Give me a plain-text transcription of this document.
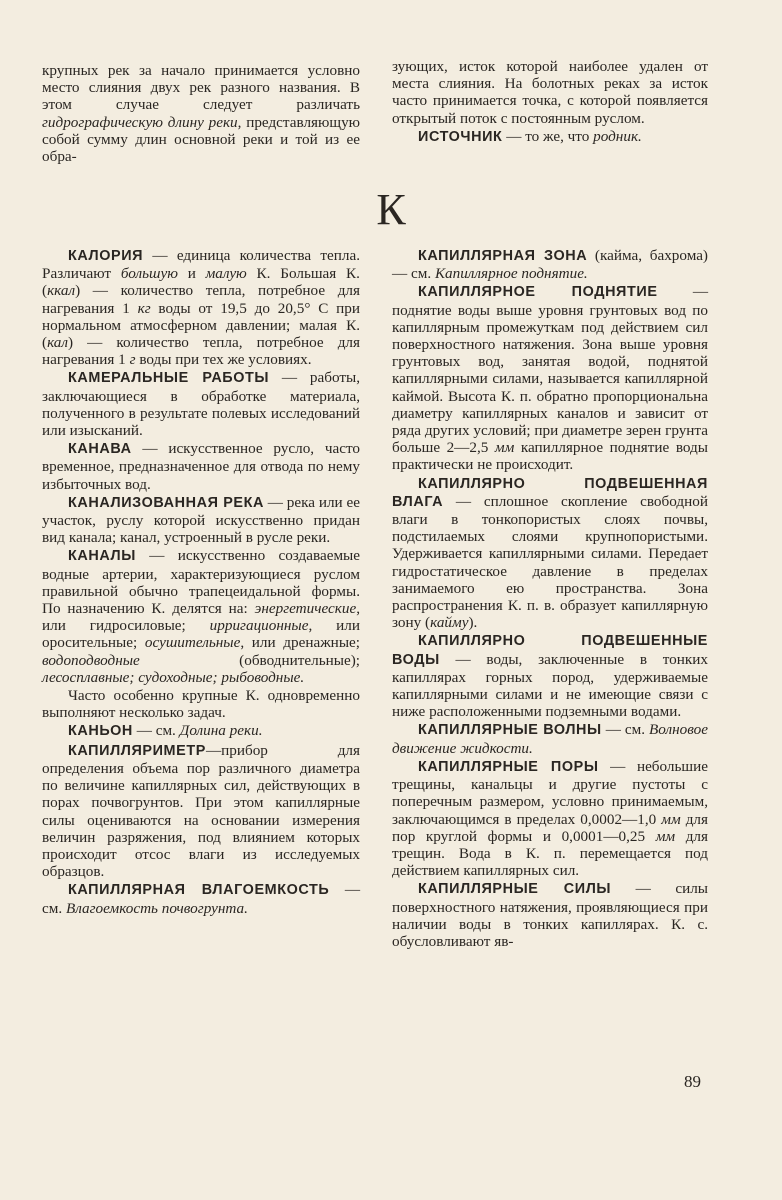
крупных рек за начало принимается условно место слияния двух рек разного названия. В этом случае следует различать гидрографическую длину реки, представляющую собой сумму длин основной реки и той из ее обра-

зующих, исток которой наиболее удален от места слияния. На болотных реках за исток часто принимается точка, с которой появляется открытый поток с постоянным руслом.

ИСТОЧНИК — то же, что родник.

К

КАЛОРИЯ — единица количества тепла. Различают большую и малую К. Большая К. (ккал) — количество тепла, потребное для нагревания 1 кг воды от 19,5 до 20,5° С при нормальном атмосферном давлении; малая К. (кал) — количество тепла, потребное для нагревания 1 г воды при тех же условиях.

КАМЕРАЛЬНЫЕ РАБОТЫ — работы, заключающиеся в обработке материала, полученного в результате полевых исследований или изысканий.

КАНАВА — искусственное русло, часто временное, предназначенное для отвода по нему избыточных вод.

КАНАЛИЗОВАННАЯ РЕКА — река или ее участок, руслу которой искусственно придан вид канала; канал, устроенный в русле реки.

КАНАЛЫ — искусственно создаваемые водные артерии, характеризующиеся руслом правильной обычно трапецеидальной формы. По назначению К. делятся на: энергетические, или гидросиловые; ирригационные, или оросительные; осушительные, или дренажные; водоподводные (обводнительные); лесосплавные; судоходные; рыбоводные.

Часто особенно крупные К. одновременно выполняют несколько задач.

КАНЬОН — см. Долина реки.

КАПИЛЛЯРИМЕТР—прибор для определения объема пор различного диаметра по величине капиллярных сил, действующих в порах почвогрунтов. При этом капиллярные силы оцениваются на основании измерения величин разряжения, под влиянием которых происходит отсос влаги из исследуемых образцов.

КАПИЛЛЯРНАЯ ВЛАГОЕМКОСТЬ — см. Влагоемкость почвогрунта.

КАПИЛЛЯРНАЯ ЗОНА (кайма, бахрома) — см. Капиллярное поднятие.

КАПИЛЛЯРНОЕ ПОДНЯТИЕ — поднятие воды выше уровня грунтовых вод по капиллярным промежуткам под действием сил поверхностного натяжения. Зона выше уровня грунтовых вод, занятая водой, поднятой капиллярными силами, называется капиллярной каймой. Высота К. п. обратно пропорциональна диаметру капиллярных каналов и зависит от ряда других условий; при диаметре зерен грунта больше 2—2,5 мм капиллярное поднятие воды практически не происходит.

КАПИЛЛЯРНО ПОДВЕШЕННАЯ ВЛАГА — сплошное скопление свободной влаги в тонкопористых слоях почвы, подстилаемых слоями крупнопористыми. Удерживается капиллярными силами. Передает гидростатическое давление в пределах занимаемого ею пространства. Зона распространения К. п. в. образует капиллярную зону (кайму).

КАПИЛЛЯРНО ПОДВЕШЕННЫЕ ВОДЫ — воды, заключенные в тонких капиллярах горных пород, удерживаемые капиллярными силами и не имеющие связи с ниже расположенными подземными водами.

КАПИЛЛЯРНЫЕ ВОЛНЫ — см. Волновое движение жидкости.

КАПИЛЛЯРНЫЕ ПОРЫ — небольшие трещины, канальцы и другие пустоты с поперечным размером, условно принимаемым, заключающимся в пределах 0,0002—1,0 мм для пор круглой формы и 0,0001—0,25 мм для трещин. Вода в К. п. перемещается под действием капиллярных сил.

КАПИЛЛЯРНЫЕ СИЛЫ — силы поверхностного натяжения, проявляющиеся при наличии воды в тонких капиллярах. К. с. обусловливают яв-

89
